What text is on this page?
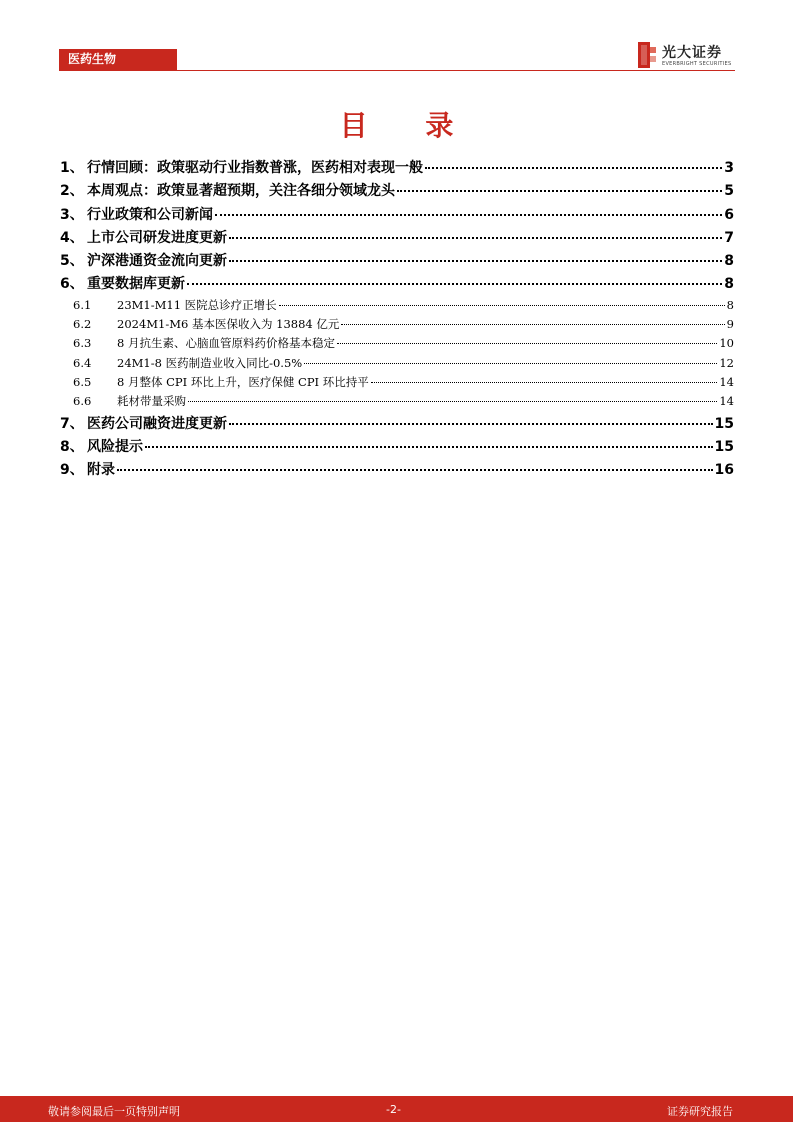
医药生物	光大证券
EVERBRIGHT SECURITIES
目 录
1、 行情回顾：政策驱动行业指数普涨，医药相对表现一般	3
2、 本周观点：政策显著超预期，关注各细分领域龙头	5
3、 行业政策和公司新闻	6
4、 上市公司研发进度更新	7
5、 沪深港通资金流向更新	8
6、 重要数据库更新	8
6.1	23M1-M11 医院总诊疗正增长	8
6.2	2024M1-M6 基本医保收入为 13884 亿元	9
6.3	8 月抗生素、心脑血管原料药价格基本稳定	10
6.4	24M1-8 医药制造业收入同比-0.5%	12
6.5	8 月整体 CPI 环比上升，医疗保健 CPI 环比持平	14
6.6	耗材带量采购	14
7、 医药公司融资进度更新	15
8、 风险提示	15
9、 附录	16
敬请参阅最后一页特别声明	-2-	证券研究报告
